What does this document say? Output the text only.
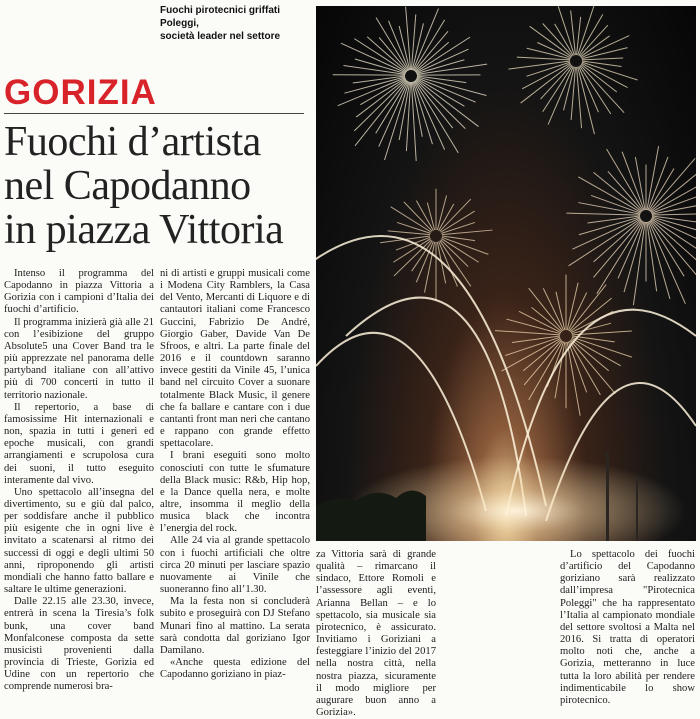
Fuochi pirotecnici griffati Poleggi,
società leader nel settore
GORIZIA
Fuochi d’artista
nel Capodanno
in piazza Vittoria

Intenso il programma del Capodanno in piazza Vittoria a Gorizia con i campioni d’Italia dei fuochi d’artificio.

Il programma inizierà già alle 21 con l’esibizione del gruppo Absolute5 una Cover Band tra le più apprezzate nel panorama delle partyband italiane con all’attivo più di 700 concerti in tutto il territorio nazionale.

Il repertorio, a base di famosissime Hit internazionali e non, spazia in tutti i generi ed epoche musicali, con grandi arrangiamenti e scrupolosa cura dei suoni, il tutto eseguito interamente dal vivo.

Uno spettacolo all’insegna del divertimento, su e giù dal palco, per soddisfare anche il pubblico più esigente che in ogni live è invitato a scatenarsi al ritmo dei successi di oggi e degli ultimi 50 anni, riproponendo gli artisti mondiali che hanno fatto ballare e saltare le ultime generazioni.

Dalle 22.15 alle 23.30, invece, entrerà in scena la Tiresia’s folk bunk, una cover band Monfalconese composta da sette musicisti provenienti dalla provincia di Trieste, Gorizia ed Udine con un repertorio che comprende numerosi bra-

ni di artisti e gruppi musicali come i Modena City Ramblers, la Casa del Vento, Mercanti di Liquore e di cantautori italiani come Francesco Guccini, Fabrizio De André, Giorgio Gaber, Davide Van De Sfroos, e altri. La parte finale del 2016 e il countdown saranno invece gestiti da Vinile 45, l’unica band nel circuito Cover a suonare totalmente Black Music, il genere che fa ballare e cantare con i due cantanti front man neri che cantano e rappano con grande effetto spettacolare.

I brani eseguiti sono molto conosciuti con tutte le sfumature della Black music: R&b, Hip hop, e la Dance quella nera, e molte altre, insomma il meglio della musica black che incontra l’energia del rock.

Alle 24 via al grande spettacolo con i fuochi artificiali che oltre circa 20 minuti per lasciare spazio nuovamente ai Vinile che suoneranno fino all’1.30.

Ma la festa non si concluderà subito e proseguirà con DJ Stefano Munari fino al mattino. La serata sarà condotta dal goriziano Igor Damilano.

«Anche questa edizione del Capodanno goriziano in piaz-

za Vittoria sarà di grande qualità – rimarcano il sindaco, Ettore Romoli e l’assessore agli eventi, Arianna Bellan – e lo spettacolo, sia musicale sia pirotecnico, è assicurato. Invitiamo i Goriziani a festeggiare l’inizio del 2017 nella nostra città, nella nostra piazza, sicuramente il modo migliore per augurare buon anno a Gorizia».

Lo spettacolo dei fuochi d’artificio del Capodanno goriziano sarà realizzato dall’impresa "Pirotecnica Poleggi" che ha rappresentato l’Italia al campionato mondiale del settore svoltosi a Malta nel 2016. Si tratta di operatori molto noti che, anche a Gorizia, metteranno in luce tutta la loro abilità per rendere indimenticabile lo show pirotecnico.
